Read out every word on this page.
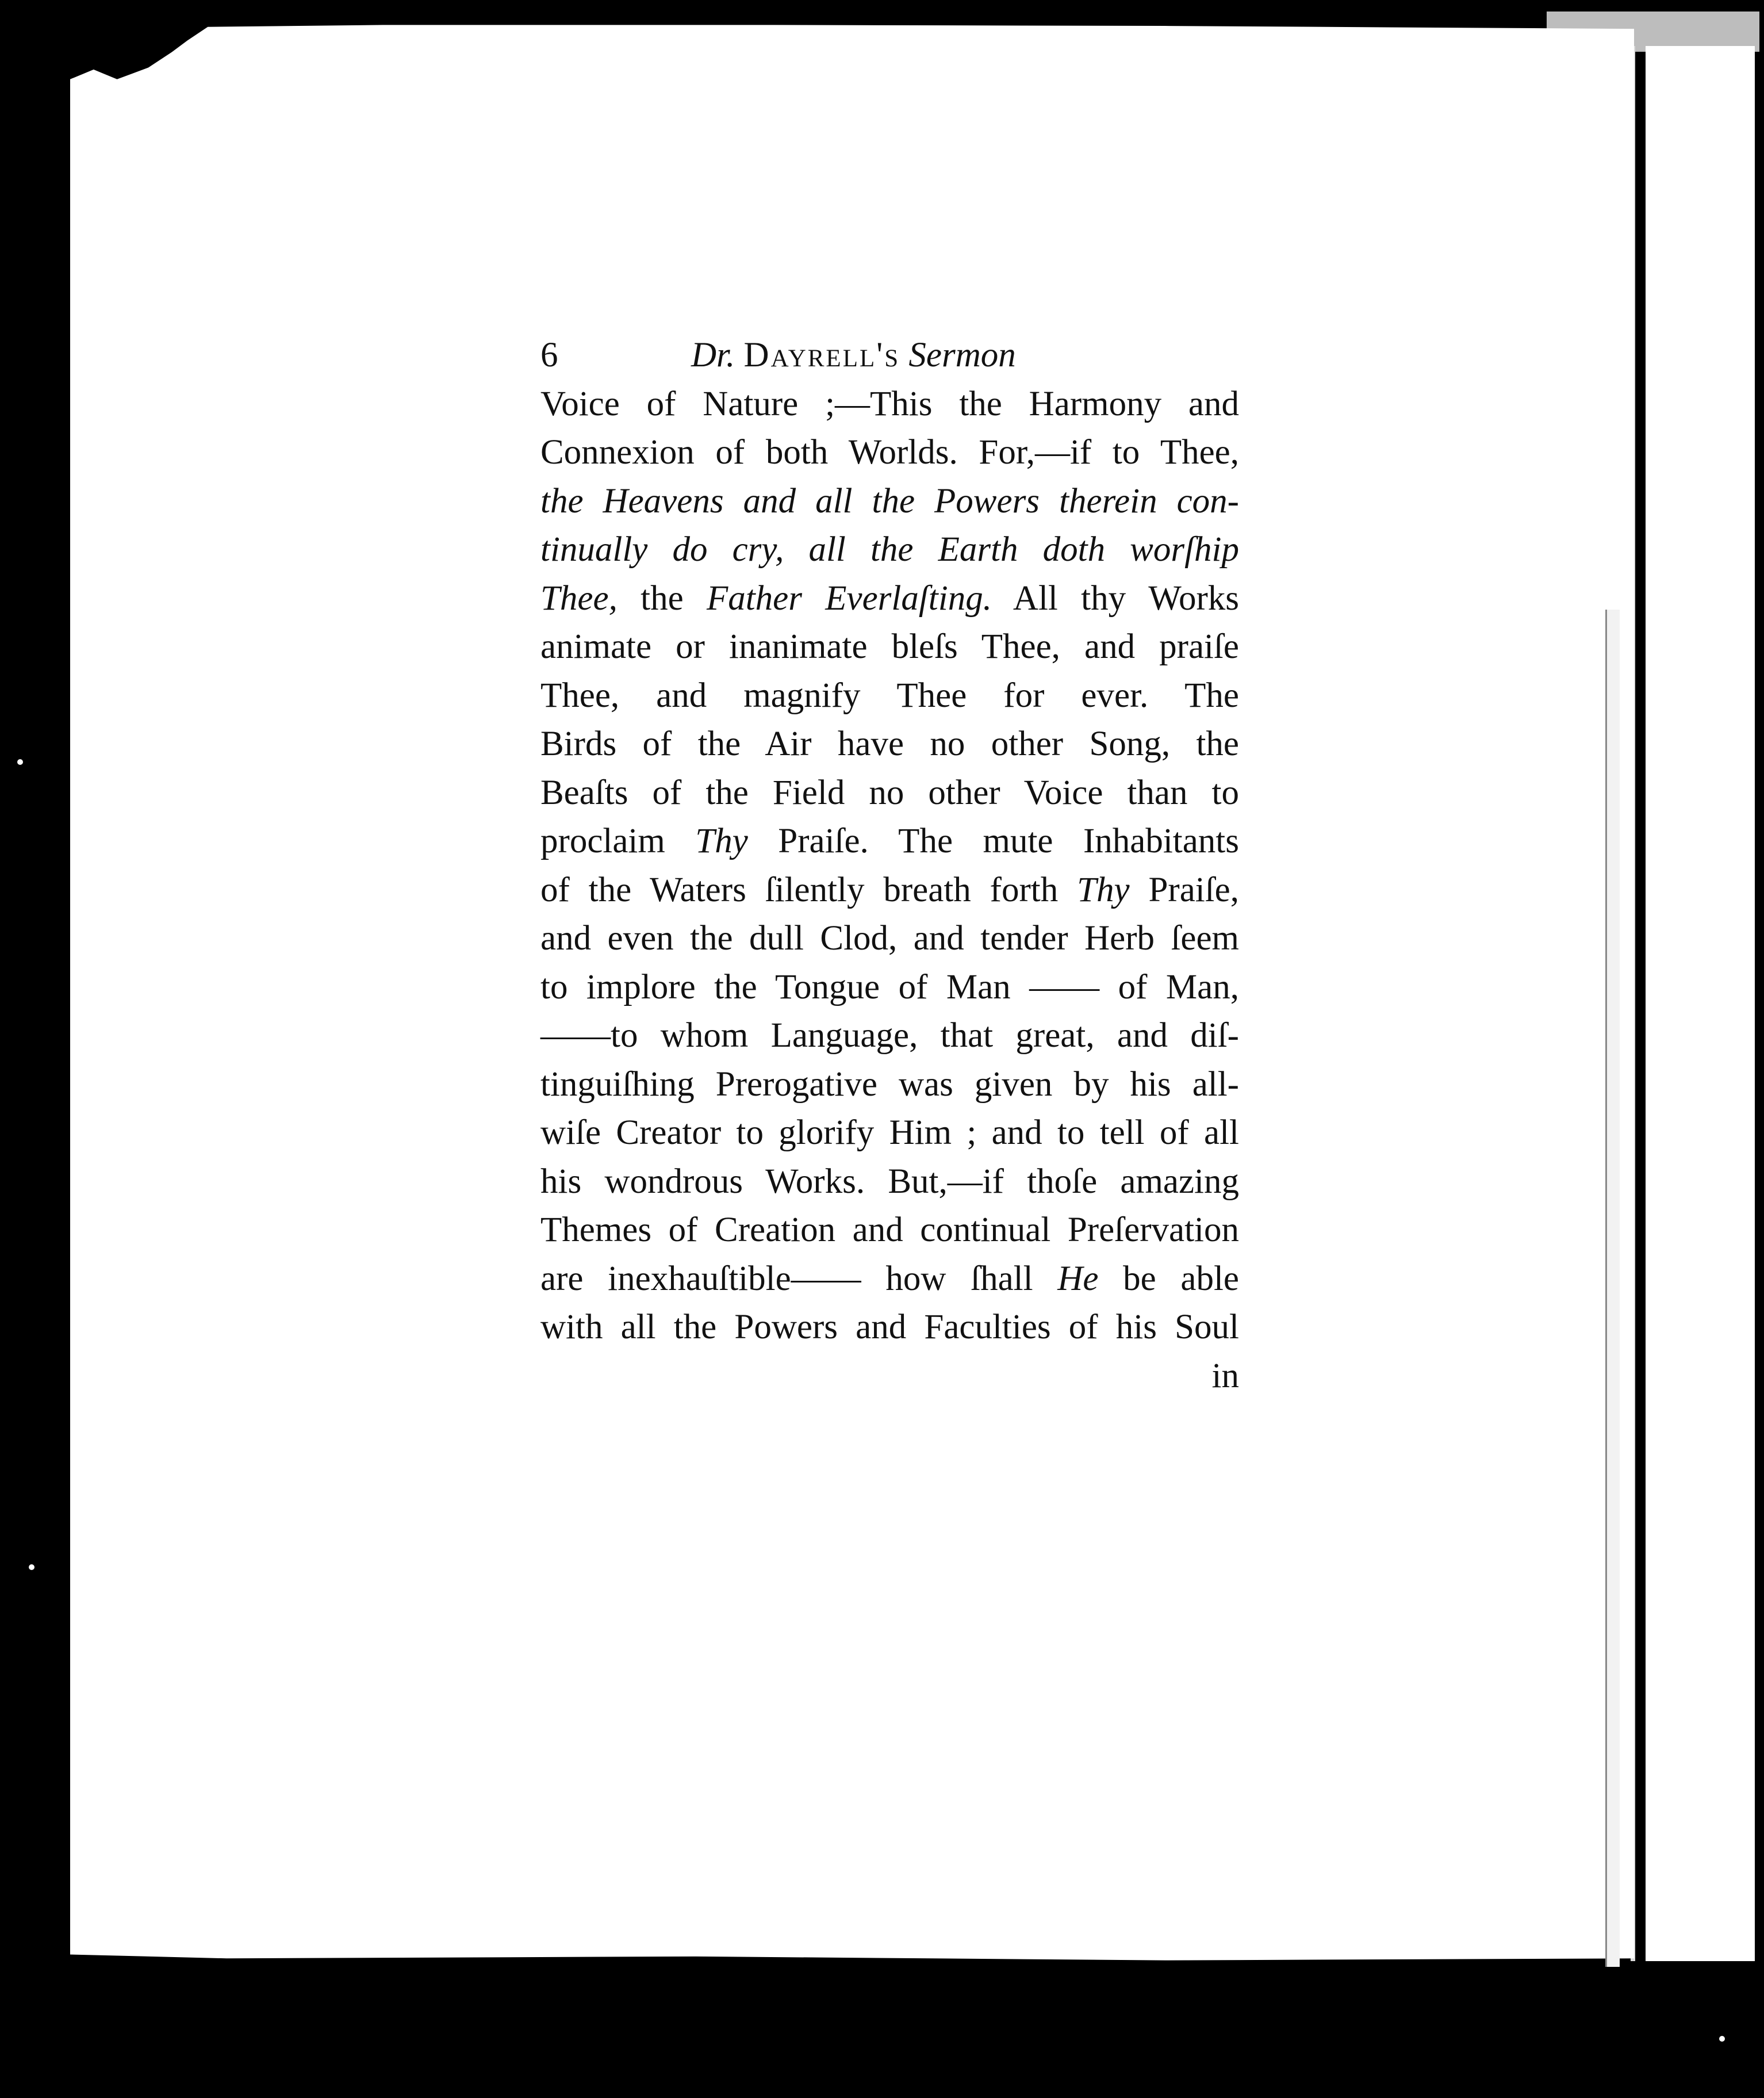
6	Dr. Dayrell's Sermon
Voice of Nature ;—This the Harmony and
Connexion of both Worlds. For,—if to Thee,
the Heavens and all the Powers therein con-
tinually do cry, all the Earth doth worſhip
Thee, the Father Everlaſting. All thy Works
animate or inanimate bleſs Thee, and praiſe
Thee, and magnify Thee for ever. The
Birds of the Air have no other Song, the
Beaſts of the Field no other Voice than to
proclaim Thy Praiſe. The mute Inhabitants
of the Waters ſilently breath forth Thy Praiſe,
and even the dull Clod, and tender Herb ſeem
to implore the Tongue of Man —— of Man,
——to whom Language, that great, and diſ-
tinguiſhing Prerogative was given by his all-
wiſe Creator to glorify Him ; and to tell of all
his wondrous Works. But,—if thoſe amazing
Themes of Creation and continual Preſervation
are inexhauſtible—— how ſhall He be able
with all the Powers and Faculties of his Soul
in
